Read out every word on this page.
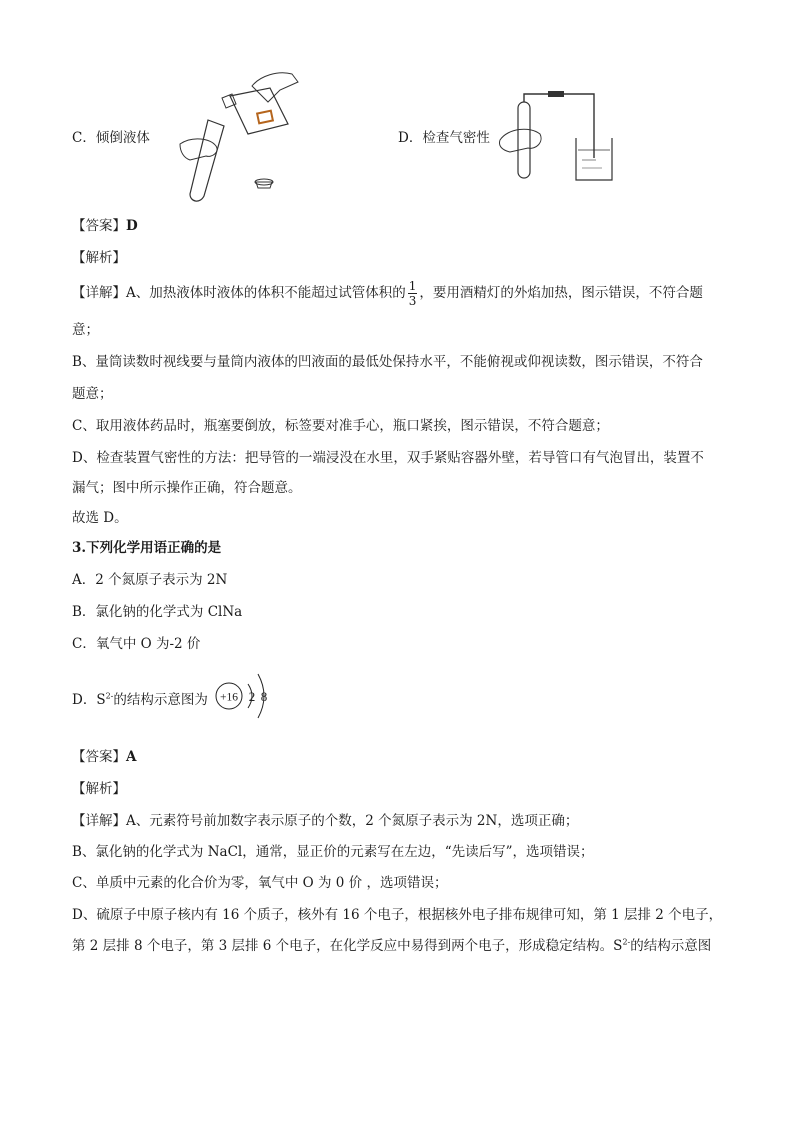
C．倾倒液体	D．检查气密性
【答案】D
【解析】
【详解】A、加热液体时液体的体积不能超过试管体积的 $\frac{1}{3}$ ，要用酒精灯的外焰加热，图示错误，不符合题
意；
B、量筒读数时视线要与量筒内液体的凹液面的最低处保持水平，不能俯视或仰视读数，图示错误，不符合
题意；
C、取用液体药品时，瓶塞要倒放，标签要对准手心，瓶口紧挨，图示错误，不符合题意；
D、检查装置气密性的方法：把导管的一端浸没在水里，双手紧贴容器外壁，若导管口有气泡冒出，装置不
漏气；图中所示操作正确，符合题意。
故选 D。
3.下列化学用语正确的是
A．2 个氮原子表示为 2N
B．氯化钠的化学式为 ClNa
C．氧气中 O 为-2 价
D．$S^{2-}$的结构示意图为 +16 2 8
【答案】A
【解析】
【详解】A、元素符号前加数字表示原子的个数，2 个氮原子表示为 2N，选项正确；
B、氯化钠的化学式为 NaCl，通常，显正价的元素写在左边，“先读后写”，选项错误；
C、单质中元素的化合价为零，氧气中 O 为 0 价 ，选项错误；
D、硫原子中原子核内有 16 个质子，核外有 16 个电子，根据核外电子排布规律可知，第 1 层排 2 个电子，
第 2 层排 8 个电子，第 3 层排 6 个电子，在化学反应中易得到两个电子，形成稳定结构。$S^{2-}$的结构示意图
